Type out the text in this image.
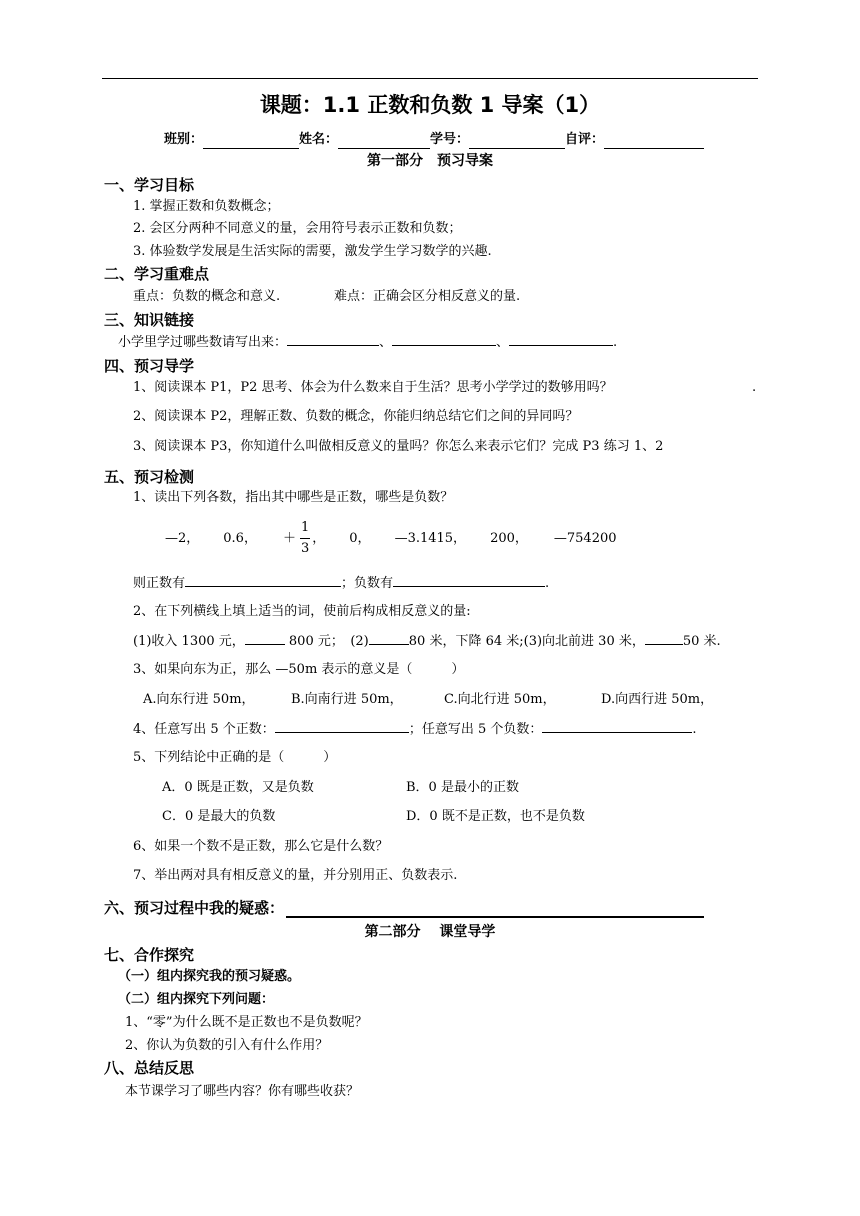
课题：1.1 正数和负数 1 导案（1）
班别：	姓名：	学号：	自评：
第一部分　预习导案
一、学习目标
1. 掌握正数和负数概念；
2. 会区分两种不同意义的量，会用符号表示正数和负数；
3. 体验数学发展是生活实际的需要，激发学生学习数学的兴趣.
二、学习重难点
重点：负数的概念和意义.	难点：正确会区分相反意义的量.
三、知识链接
小学里学过哪些数请写出来：	、	、	.
四、预习导学
1、阅读课本 P1，P2 思考、体会为什么数来自于生活？思考小学学过的数够用吗？	.
2、阅读课本 P2，理解正数、负数的概念，你能归纳总结它们之间的异同吗？
3、阅读课本 P3，你知道什么叫做相反意义的量吗？你怎么来表示它们？完成 P3 练习 1、2
五、预习检测
1、读出下列各数，指出其中哪些是正数，哪些是负数？
—2， 0.6， ＋ $\frac{1}{3}$ ， 0， —3.1415， 200， —754200
则正数有	；负数有	.
2、在下列横线上填上适当的词，使前后构成相反意义的量:
(1)收入 1300 元，	800 元；　(2)	80 米，下降 64 米;(3)向北前进 30 米，	50 米.
3、如果向东为正，那么 —50m 表示的意义是（　　　）
A.向东行进 50m，	B.向南行进 50m，	C.向北行进 50m，	D.向西行进 50m，
4、任意写出 5 个正数：	；任意写出 5 个负数：	.
5、下列结论中正确的是（　　　）
A．0 既是正数，又是负数	B．0 是最小的正数
C．0 是最大的负数	D．0 既不是正数，也不是负数
6、如果一个数不是正数，那么它是什么数？
7、举出两对具有相反意义的量，并分别用正、负数表示.
六、预习过程中我的疑惑：
第二部分　 课堂导学
七、合作探究
（一）组内探究我的预习疑惑。
（二）组内探究下列问题：
1、“零”为什么既不是正数也不是负数呢？
2、你认为负数的引入有什么作用？
八、总结反思
本节课学习了哪些内容？你有哪些收获？
